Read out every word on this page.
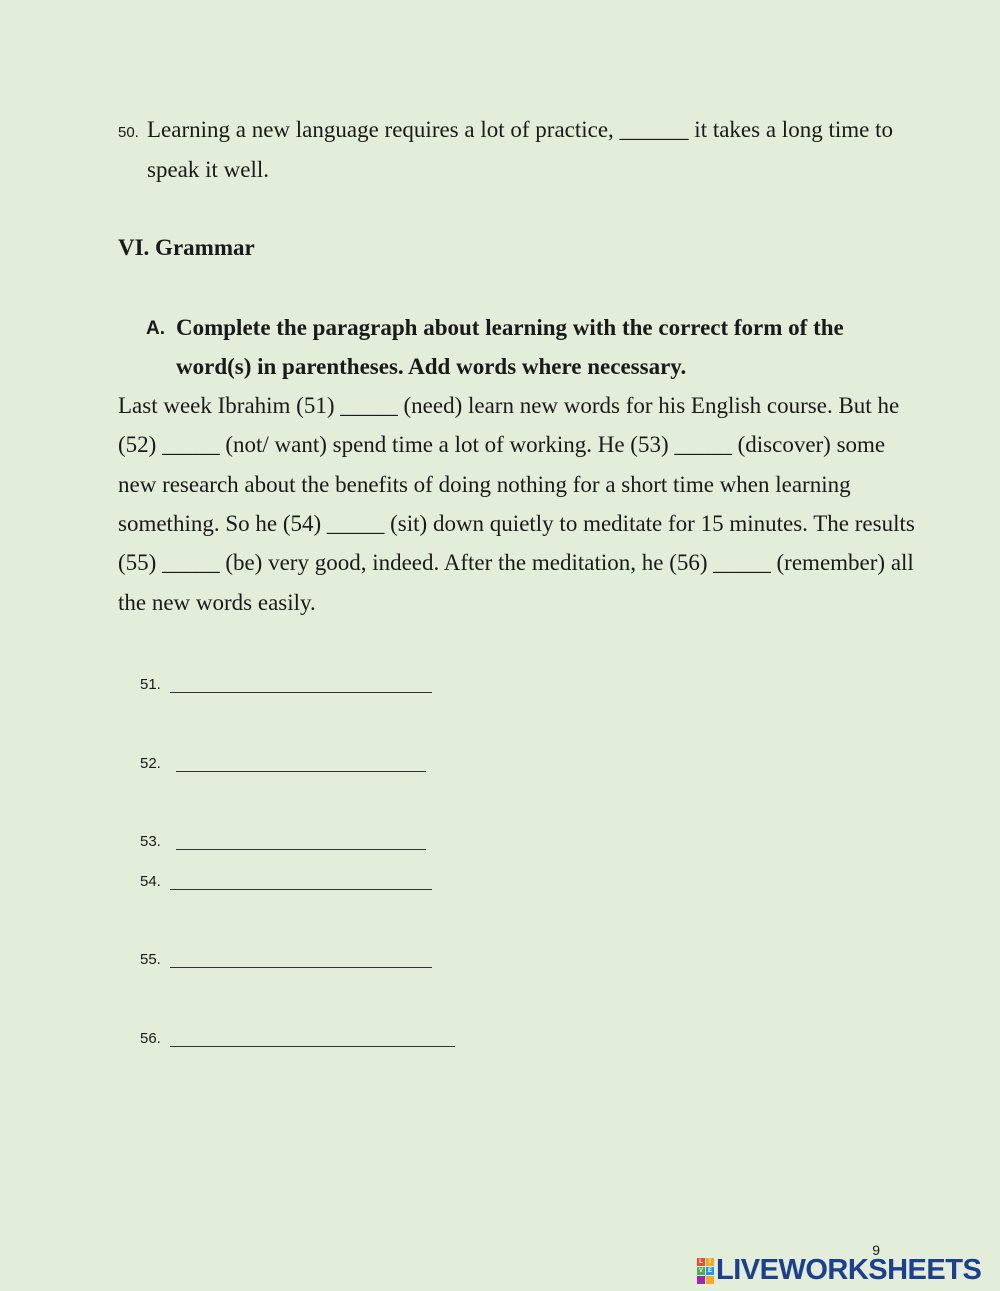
50. Learning a new language requires a lot of practice, ______ it takes a long time to
speak it well.
VI. Grammar
A. Complete the paragraph about learning with the correct form of the
word(s) in parentheses. Add words where necessary.
Last week Ibrahim (51) _____ (need) learn new words for his English course. But he
(52) _____ (not/ want) spend time a lot of working. He (53) _____ (discover) some
new research about the benefits of doing nothing for a short time when learning
something. So he (54) _____ (sit) down quietly to meditate for 15 minutes. The results
(55) _____ (be) very good, indeed. After the meditation, he (56) _____ (remember) all
the new words easily.
51.
52.
53.
54.
55.
56.
9
L	I
V E LIVEWORKSHEETS
